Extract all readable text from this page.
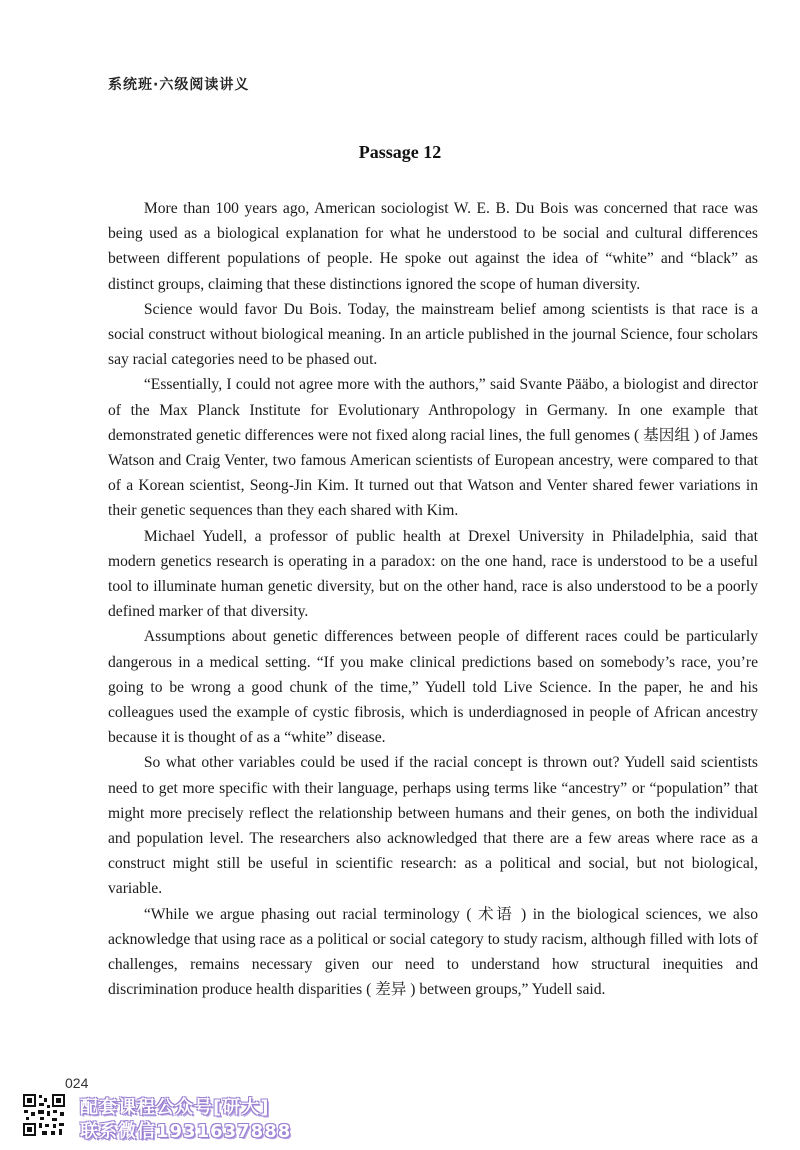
系统班·六级阅读讲义
Passage 12

More than 100 years ago, American sociologist W. E. B. Du Bois was concerned that race was being used as a biological explanation for what he understood to be social and cultural differences between different populations of people. He spoke out against the idea of “white” and “black” as distinct groups, claiming that these distinctions ignored the scope of human diversity.

Science would favor Du Bois. Today, the mainstream belief among scientists is that race is a social construct without biological meaning. In an article published in the journal Science, four scholars say racial categories need to be phased out.

“Essentially, I could not agree more with the authors,” said Svante Pääbo, a biologist and director of the Max Planck Institute for Evolutionary Anthropology in Germany. In one example that demonstrated genetic differences were not fixed along racial lines, the full genomes ( 基因组 ) of James Watson and Craig Venter, two famous American scientists of European ancestry, were compared to that of a Korean scientist, Seong-Jin Kim. It turned out that Watson and Venter shared fewer variations in their genetic sequences than they each shared with Kim.

Michael Yudell, a professor of public health at Drexel University in Philadelphia, said that modern genetics research is operating in a paradox: on the one hand, race is understood to be a useful tool to illuminate human genetic diversity, but on the other hand, race is also understood to be a poorly defined marker of that diversity.

Assumptions about genetic differences between people of different races could be particularly dangerous in a medical setting. “If you make clinical predictions based on somebody’s race, you’re going to be wrong a good chunk of the time,” Yudell told Live Science. In the paper, he and his colleagues used the example of cystic fibrosis, which is underdiagnosed in people of African ancestry because it is thought of as a “white” disease.

So what other variables could be used if the racial concept is thrown out? Yudell said scientists need to get more specific with their language, perhaps using terms like “ancestry” or “population” that might more precisely reflect the relationship between humans and their genes, on both the individual and population level. The researchers also acknowledged that there are a few areas where race as a construct might still be useful in scientific research: as a political and social, but not biological, variable.

“While we argue phasing out racial terminology ( 术语 ) in the biological sciences, we also acknowledge that using race as a political or social category to study racism, although filled with lots of challenges, remains necessary given our need to understand how structural inequities and discrimination produce health disparities ( 差异 ) between groups,” Yudell said.

024
配套课程公众号[研大]
联系微信1931637888
